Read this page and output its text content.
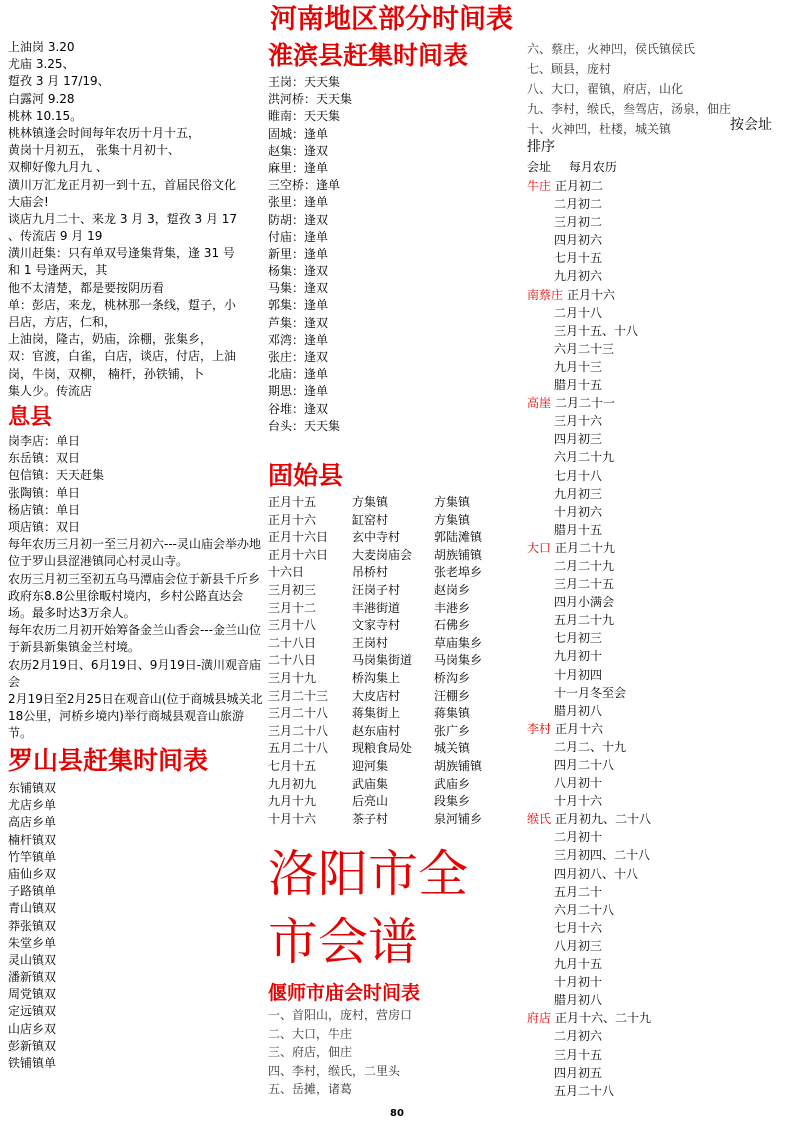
河南地区部分时间表
上油岗 3.20
尤庙 3.25、
踅孜 3 月 17/19、
白露河 9.28
桃林 10.15。
桃林镇逢会时间每年农历十月十五，
黄岗十月初五， 张集十月初十、
双柳好像九月九 、
潢川万汇龙正月初一到十五，首届民俗文化
大庙会!
谈店九月二十、来龙 3 月 3，踅孜 3 月 17
、传流店 9 月 19
潢川赶集：只有单双号逢集背集，逢 31 号
和 1 号逢两天，其
他不太清楚，都是要按阴历看
单：彭店，来龙，桃林那一条线，踅子，小
吕店，方店，仁和，
上油岗，隆古，奶庙，涂棚，张集乡，
双：官渡，白雀，白店，谈店，付店，上油
岗，牛岗，双柳， 楠杆，孙铁铺，卜
集人少。传流店
息县
岗李店：单日
东岳镇：双日
包信镇：天天赶集
张陶镇：单日
杨店镇：单日
项店镇：双日
每年农历三月初一至三月初六---灵山庙会举办地位于罗山县涩港镇同心村灵山寺。
农历三月初三至初五乌马潭庙会位于新县千斤乡政府东8.8公里徐畈村境内，乡村公路直达会场。最多时达3万余人。
每年农历二月初开始筹备金兰山香会---金兰山位于新县新集镇金兰村境。
农历2月19日、6月19日、9月19日-潢川观音庙会
2月19日至2月25日在观音山(位于商城县城关北18公里，河桥乡境内)举行商城县观音山旅游节。
罗山县赶集时间表
东铺镇双
尤店乡单
高店乡单
楠杆镇双
竹竿镇单
庙仙乡双
子路镇单
青山镇双
莽张镇双
朱堂乡单
灵山镇双
潘新镇双
周党镇双
定远镇双
山店乡双
彭新镇双
铁铺镇单
淮滨县赶集时间表
王岗：天天集
洪河桥：天天集
睢南：天天集
固城：逢单
赵集：逢双
麻里：逢单
三空桥：逢单
张里：逢单
防胡：逢双
付庙：逢单
新里：逢单
杨集：逢双
马集：逢双
郭集：逢单
芦集：逢双
邓湾：逢单
张庄：逢双
北庙：逢单
期思：逢单
谷堆：逢双
台头：天天集
固始县
正月十五	方集镇	方集镇
正月十六	缸窑村	方集镇
正月十六日 玄中寺村	郭陆滩镇
正月十六日 大麦岗庙会 胡族铺镇
十六日	吊桥村	张老埠乡
三月初三	汪岗子村	赵岗乡
三月十二	丰港街道	丰港乡
三月十八	文家寺村	石佛乡
二十八日	王岗村	草庙集乡
二十八日	马岗集街道 马岗集乡
三月十九	桥沟集上	桥沟乡
三月二十三 大皮店村	汪棚乡
三月二十八 蒋集街上	蒋集镇
三月二十八 赵东庙村	张广乡
五月二十八 现粮食局处 城关镇
七月十五	迎河集	胡族铺镇
九月初九	武庙集	武庙乡
九月十九	后亮山	段集乡
十月十六	茶子村	泉河铺乡
洛阳市全
市会谱
偃师市庙会时间表
一、首阳山，庞村，营房口
二、大口，牛庄
三、府店，佃庄
四、李村，缑氏，二里头
五、岳摊，诸葛
六、蔡庄，火神凹，侯氏镇侯氏
七、顾县，庞村
八、大口，翟镇，府店，山化
九、李村，缑氏，叁驾店，汤泉，佃庄
十、火神凹，杜楼，城关镇	按会址
排序
会址 每月农历
牛庄 正月初二
二月初二
三月初二
四月初六
七月十五
九月初六
南蔡庄 正月十六
二月十八
三月十五、十八
六月二十三
九月十三
腊月十五
高崖 二月二十一
三月十六
四月初三
六月二十九
七月十八
九月初三
十月初六
腊月十五
大口 正月二十九
二月二十九
三月二十五
四月小满会
五月二十九
七月初三
九月初十
十月初四
十一月冬至会
腊月初八
李村 正月十六
二月二、十九
四月二十八
八月初十
十月十六
缑氏 正月初九、二十八
二月初十
三月初四、二十八
四月初八、十八
五月二十
六月二十八
七月十六
八月初三
九月十五
十月初十
腊月初八
府店 正月十六、二十九
二月初六
三月十五
四月初五
五月二十八
80
